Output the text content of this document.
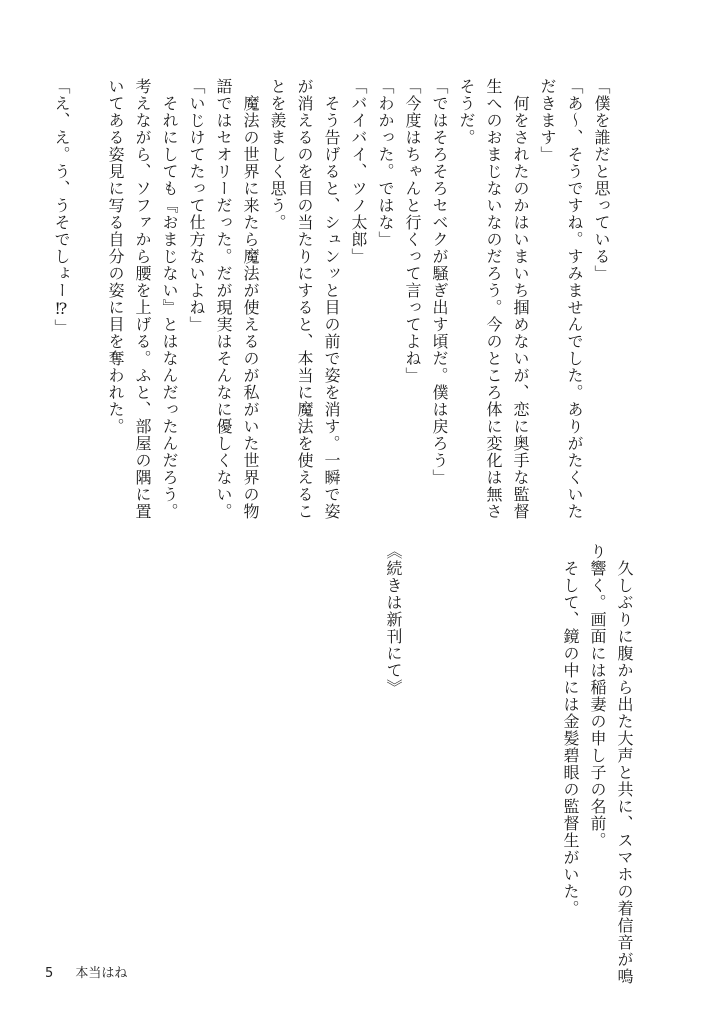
「僕を誰だと思っている」
「あ〜、そうですね。すみませんでした。ありがたくいた
だきます」
　何をされたのかはいまいち掴めないが、恋に奥手な監督
生へのおまじないなのだろう。今のところ体に変化は無さ
そうだ。
「ではそろそろセベクが騒ぎ出す頃だ。僕は戻ろう」
「今度はちゃんと行くって言ってよね」
「わかった。ではな」
「バイバイ、ツノ太郎」
　そう告げると、シュンッと目の前で姿を消す。一瞬で姿
が消えるのを目の当たりにすると、本当に魔法を使えるこ
とを羨ましく思う。
　魔法の世界に来たら魔法が使えるのが私がいた世界の物
語ではセオリーだった。だが現実はそんなに優しくない。
「いじけてたって仕方ないよね」
　それにしても『おまじない』とはなんだったんだろう。
考えながら、ソファから腰を上げる。ふと、部屋の隅に置
いてある姿見に写る自分の姿に目を奪われた。

「え、え。う、うそでしょー⁉」
　久しぶりに腹から出た大声と共に、スマホの着信音が鳴
り響く。画面には稲妻の申し子の名前。
　そして、鏡の中には金髪碧眼の監督生がいた。
《続きは新刊にて》
5 本当はね
